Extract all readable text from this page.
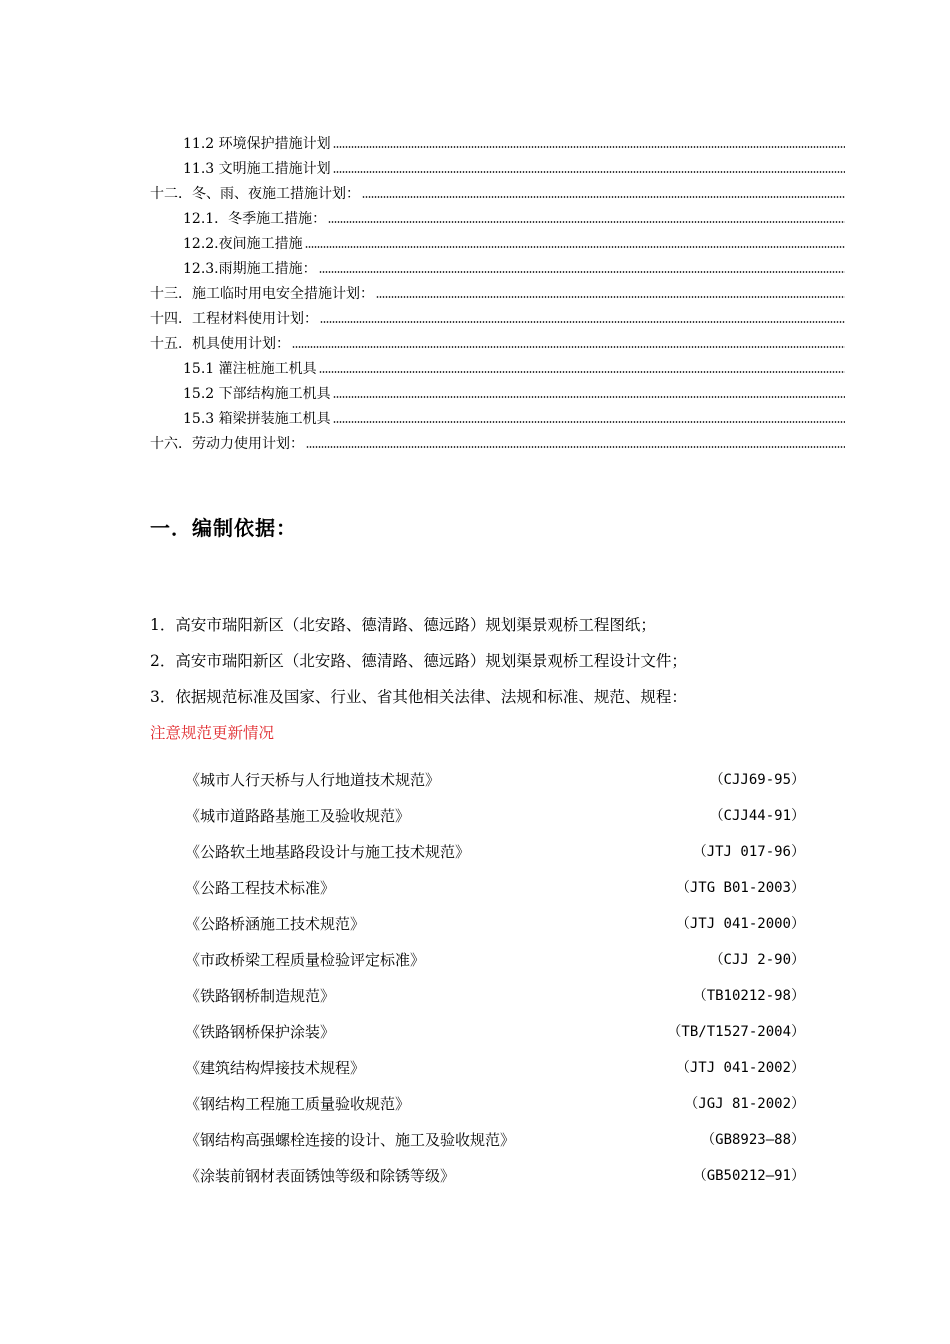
11.2 环境保护措施计划
11.3 文明施工措施计划
十二．冬、雨、夜施工措施计划：
12.1．冬季施工措施：
12.2.夜间施工措施
12.3.雨期施工措施：
十三．施工临时用电安全措施计划：
十四．工程材料使用计划：
十五．机具使用计划：
15.1 灌注桩施工机具
15.2 下部结构施工机具
15.3 箱梁拼装施工机具
十六．劳动力使用计划：
一．编制依据：
1．高安市瑞阳新区（北安路、德清路、德远路）规划渠景观桥工程图纸；
2．高安市瑞阳新区（北安路、德清路、德远路）规划渠景观桥工程设计文件；
3．依据规范标准及国家、行业、省其他相关法律、法规和标准、规范、规程：
注意规范更新情况
《城市人行天桥与人行地道技术规范》	（CJJ69-95）
《城市道路路基施工及验收规范》	（CJJ44-91）
《公路软土地基路段设计与施工技术规范》	（JTJ 017-96）
《公路工程技术标准》	（JTG B01-2003）
《公路桥涵施工技术规范》	（JTJ 041-2000）
《市政桥梁工程质量检验评定标准》	（CJJ 2-90）
《铁路钢桥制造规范》	（TB10212-98）
《铁路钢桥保护涂装》	（TB/T1527-2004）
《建筑结构焊接技术规程》	（JTJ 041-2002）
《钢结构工程施工质量验收规范》	（JGJ 81-2002）
《钢结构高强螺栓连接的设计、施工及验收规范》	（GB8923—88）
《涂装前钢材表面锈蚀等级和除锈等级》	（GB50212—91）
